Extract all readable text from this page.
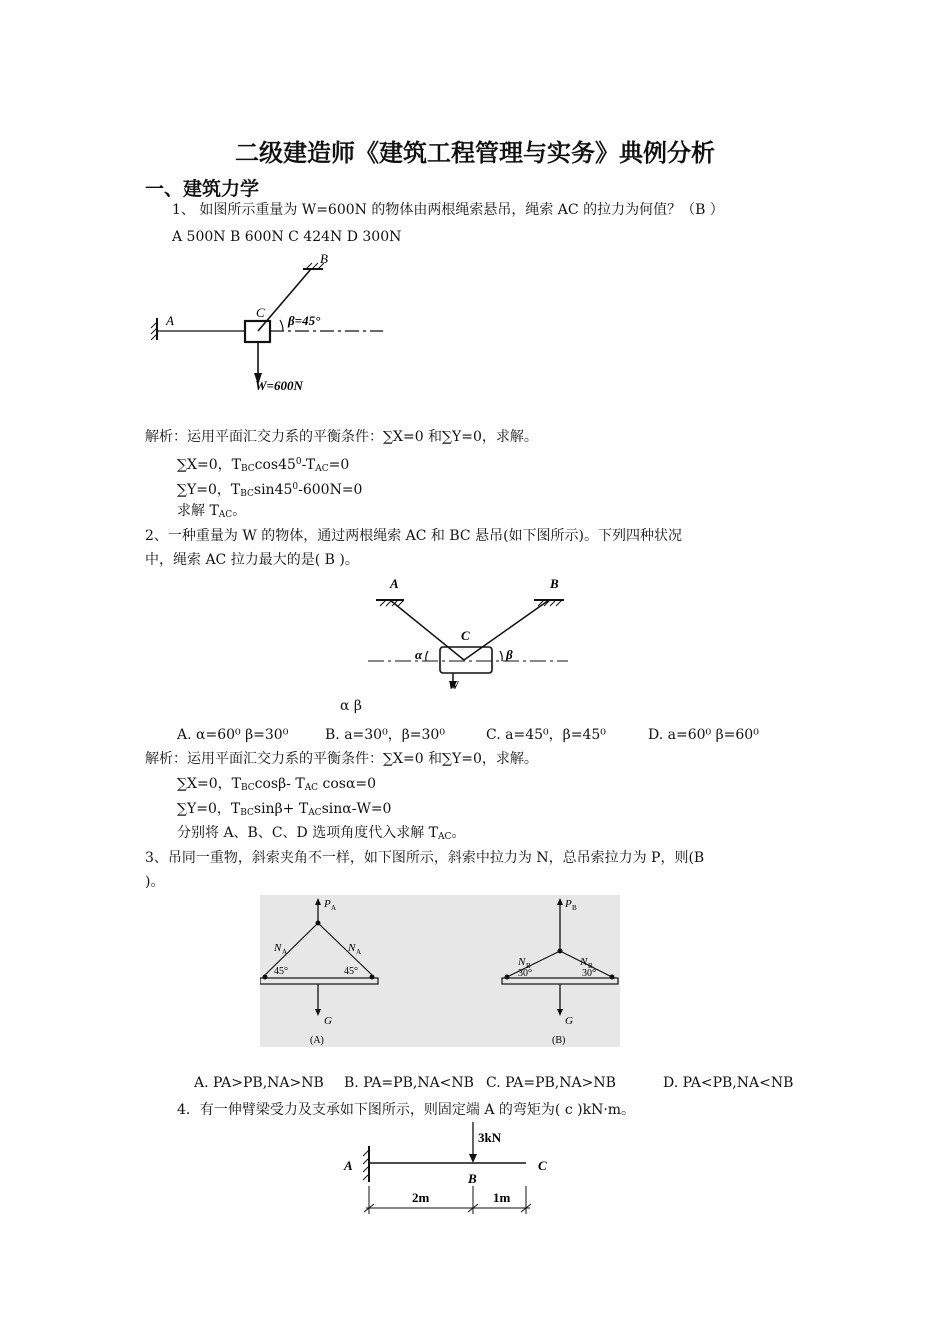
二级建造师《建筑工程管理与实务》典例分析
一、建筑力学
1、 如图所示重量为 W=600N 的物体由两根绳索悬吊，绳索 AC 的拉力为何值？（B ）
A 500N B 600N C 424N D 300N
A
C
B
β=45°
W=600N
解析：运用平面汇交力系的平衡条件：∑X=0 和∑Y=0，求解。
∑X=0，$T_{BC}\cos 45^0-T_{AC}=0$
∑Y=0，$T_{BC}\sin 45^0-600N=0$
求解 $T_{AC}$。
2、一种重量为 W 的物体，通过两根绳索 AC 和 BC 悬吊(如下图所示)。下列四种状况
中，绳索 AC 拉力最大的是( B )。
A	B
C
α	β
W
α β
A. α=60⁰ β=30⁰	B. a=30⁰，β=30⁰	C. a=45⁰，β=45⁰	D. a=60⁰ β=60⁰
解析：运用平面汇交力系的平衡条件：∑X=0 和∑Y=0，求解。
∑X=0，$T_{BC}\cos\beta-$ $T_{AC}$ cosα=0
∑Y=0，$T_{BC}\sin\beta+ T_{AC}\sin\alpha-W=0$
分别将 A、B、C、D 选项角度代入求解 $T_{AC}$。
3、吊同一重物，斜索夹角不一样，如下图所示，斜索中拉力为 N，总吊索拉力为 P，则(B
)。
P A
N A	N A
45°	45°
G
(A)
P B
N B	N B
30°	30°
G
(B)
A. PA>PB,NA>NB B. PA=PB,NA<NB C. PA=PB,NA>NB	D. PA<PB,NA<NB
4．有一伸臂梁受力及支承如下图所示，则固定端 A 的弯矩为( c )kN·m。
A
3kN
B
C
2m	1m
